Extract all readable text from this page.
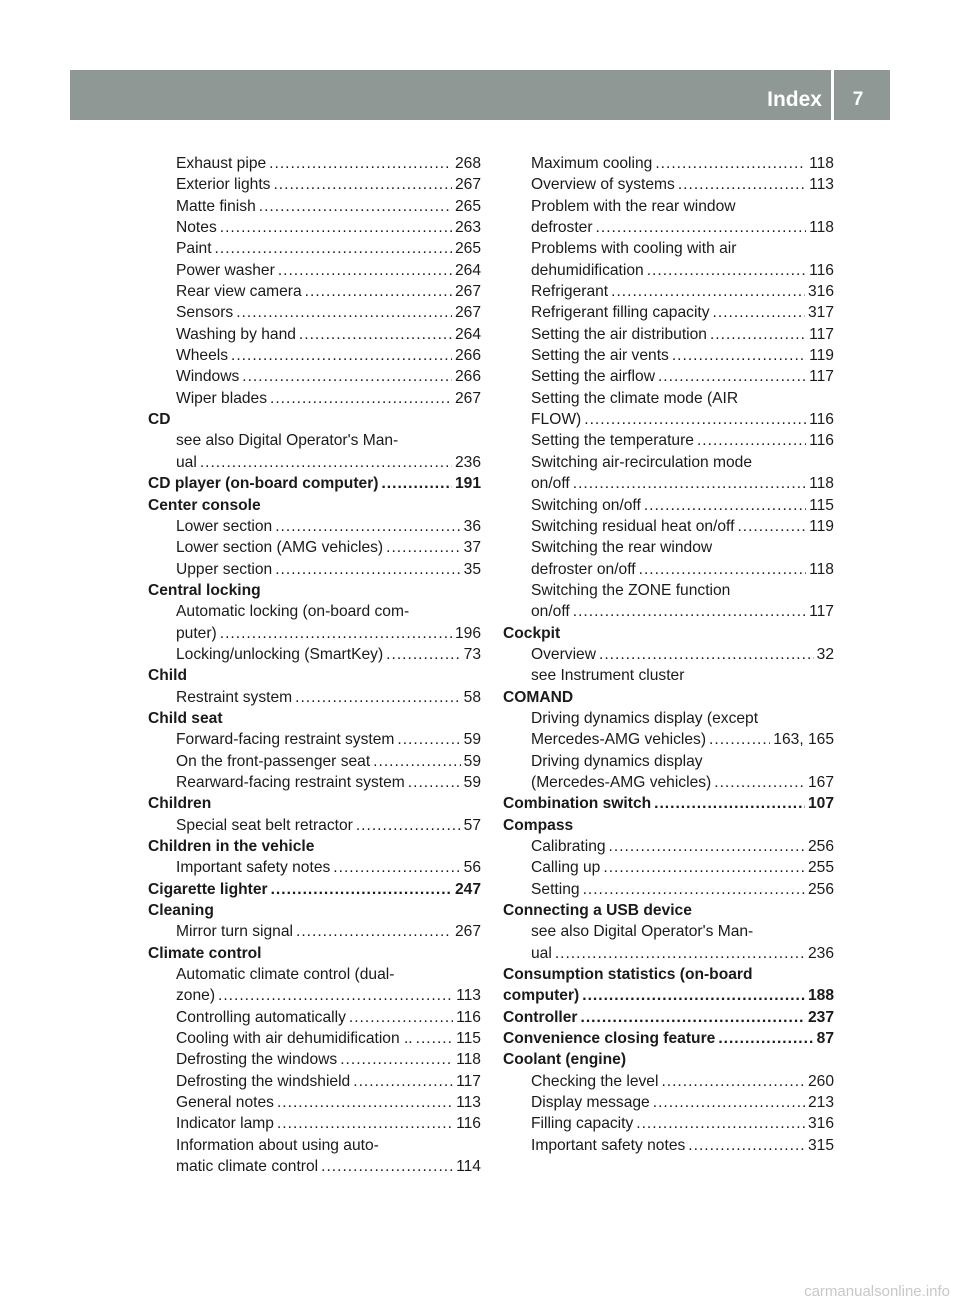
Index	7
Exhaust pipe .....	268
Exterior lights .....	267
Matte finish .....	265
Notes .....	263
Paint .....	265
Power washer .....	264
Rear view camera .....	267
Sensors .....	267
Washing by hand .....	264
Wheels .....	266
Windows .....	266
Wiper blades .....	267
CD
see also Digital Operator's Man-
ual .....	236
CD player (on-board computer) .....	191
Center console
Lower section .....	36
Lower section (AMG vehicles) .....	37
Upper section .....	35
Central locking
Automatic locking (on-board com-
puter) .....	196
Locking/unlocking (SmartKey) .....	73
Child
Restraint system .....	58
Child seat
Forward-facing restraint system .....	59
On the front-passenger seat .....	59
Rearward-facing restraint system .....	59
Children
Special seat belt retractor .....	57
Children in the vehicle
Important safety notes .....	56
Cigarette lighter .....	247
Cleaning
Mirror turn signal .....	267
Climate control
Automatic climate control (dual-
zone) .....	113
Controlling automatically .....	116
Cooling with air dehumidification .. .....	115
Defrosting the windows .....	118
Defrosting the windshield .....	117
General notes .....	113
Indicator lamp .....	116
Information about using auto-
matic climate control .....	114
Maximum cooling .....	118
Overview of systems .....	113
Problem with the rear window
defroster .....	118
Problems with cooling with air
dehumidification .....	116
Refrigerant .....	316
Refrigerant filling capacity .....	317
Setting the air distribution .....	117
Setting the air vents .....	119
Setting the airflow .....	117
Setting the climate mode (AIR
FLOW) .....	116
Setting the temperature .....	116
Switching air-recirculation mode
on/off .....	118
Switching on/off .....	115
Switching residual heat on/off .....	119
Switching the rear window
defroster on/off .....	118
Switching the ZONE function
on/off .....	117
Cockpit
Overview .....	32
see Instrument cluster
COMAND
Driving dynamics display (except
Mercedes-AMG vehicles) .....	163, 165
Driving dynamics display
(Mercedes-AMG vehicles) .....	167
Combination switch .....	107
Compass
Calibrating .....	256
Calling up .....	255
Setting .....	256
Connecting a USB device
see also Digital Operator's Man-
ual .....	236
Consumption statistics (on-board
computer) .....	188
Controller .....	237
Convenience closing feature .....	87
Coolant (engine)
Checking the level .....	260
Display message .....	213
Filling capacity .....	316
Important safety notes .....	315
carmanualsonline.info
